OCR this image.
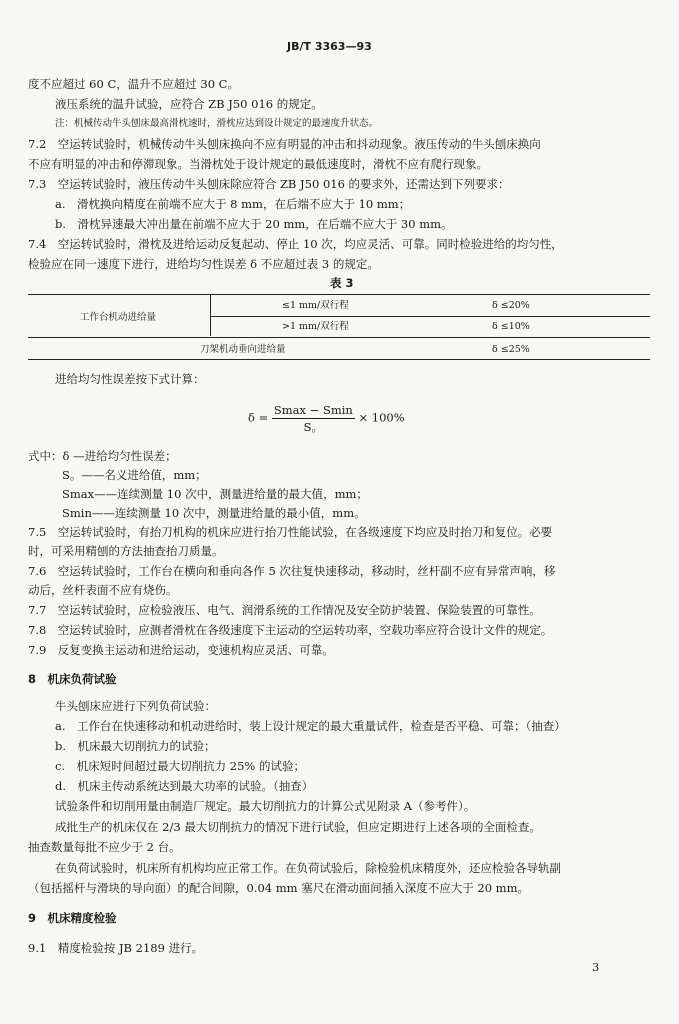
JB/T 3363—93
度不应超过 60 C，温升不应超过 30 C。
液压系统的温升试验，应符合 ZB J50 016 的规定。
注：机械传动牛头刨床最高滑枕速时，滑枕应达到设计规定的最速度升状态。
7.2　空运转试验时，机械传动牛头刨床换向不应有明显的冲击和抖动现象。液压传动的牛头刨床换向
不应有明显的冲击和停滞现象。当滑枕处于设计规定的最低速度时，滑枕不应有爬行现象。
7.3　空运转试验时，液压传动牛头刨床除应符合 ZB J50 016 的要求外，还需达到下列要求：
a.　滑枕换向精度在前端不应大于 8 mm，在后端不应大于 10 mm；
b.　滑枕异速最大冲出量在前端不应大于 20 mm，在后端不应大于 30 mm。
7.4　空运转试验时，滑枕及进给运动反复起动、停止 10 次，均应灵活、可靠。同时检验进给的均匀性，
检验应在同一速度下进行，进给均匀性误差 δ 不应超过表 3 的规定。
表 3
工作台机动进给量
≤1 mm/双行程	δ ≤20%
>1 mm/双行程	δ ≤10%
刀架机动垂向进给量	δ ≤25%
进给均匀性误差按下式计算：
$\delta = \frac{Smax - Smin}{S。} \times 100\%$
式中：δ —进给均匀性误差；
S。——名义进给值，mm；
Smax——连续测量 10 次中，测量进给量的最大值，mm；
Smin——连续测量 10 次中，测量进给量的最小值，mm。
7.5　空运转试验时，有抬刀机构的机床应进行抬刀性能试验，在各级速度下均应及时抬刀和复位。必要
时，可采用精刨的方法抽查抬刀质量。
7.6　空运转试验时，工作台在横向和垂向各作 5 次往复快速移动，移动时，丝杆副不应有异常声响，移
动后，丝杆表面不应有烧伤。
7.7　空运转试验时，应检验液压、电气、润滑系统的工作情况及安全防护装置、保险装置的可靠性。
7.8　空运转试验时，应测者滑枕在各级速度下主运动的空运转功率，空载功率应符合设计文件的规定。
7.9　反复变换主运动和进给运动，变速机构应灵活、可靠。
8　机床负荷试验
牛头刨床应进行下列负荷试验：
a.　工作台在快速移动和机动进给时，装上设计规定的最大重量试件，检查是否平稳、可靠；（抽查）
b.　机床最大切削抗力的试验；
c.　机床短时间超过最大切削抗力 25% 的试验；
d.　机床主传动系统达到最大功率的试验。（抽查）
试验条件和切削用量由制造厂规定。最大切削抗力的计算公式见附录 A（参考件）。
成批生产的机床仅在 2/3 最大切削抗力的情况下进行试验，但应定期进行上述各项的全面检查。
抽查数量每批不应少于 2 台。
在负荷试验时，机床所有机构均应正常工作。在负荷试验后，除检验机床精度外，还应检验各导轨副
（包括摇杆与滑块的导向面）的配合间隙，0.04 mm 塞尺在滑动面间插入深度不应大于 20 mm。
9　机床精度检验
9.1　精度检验按 JB 2189 进行。
3
